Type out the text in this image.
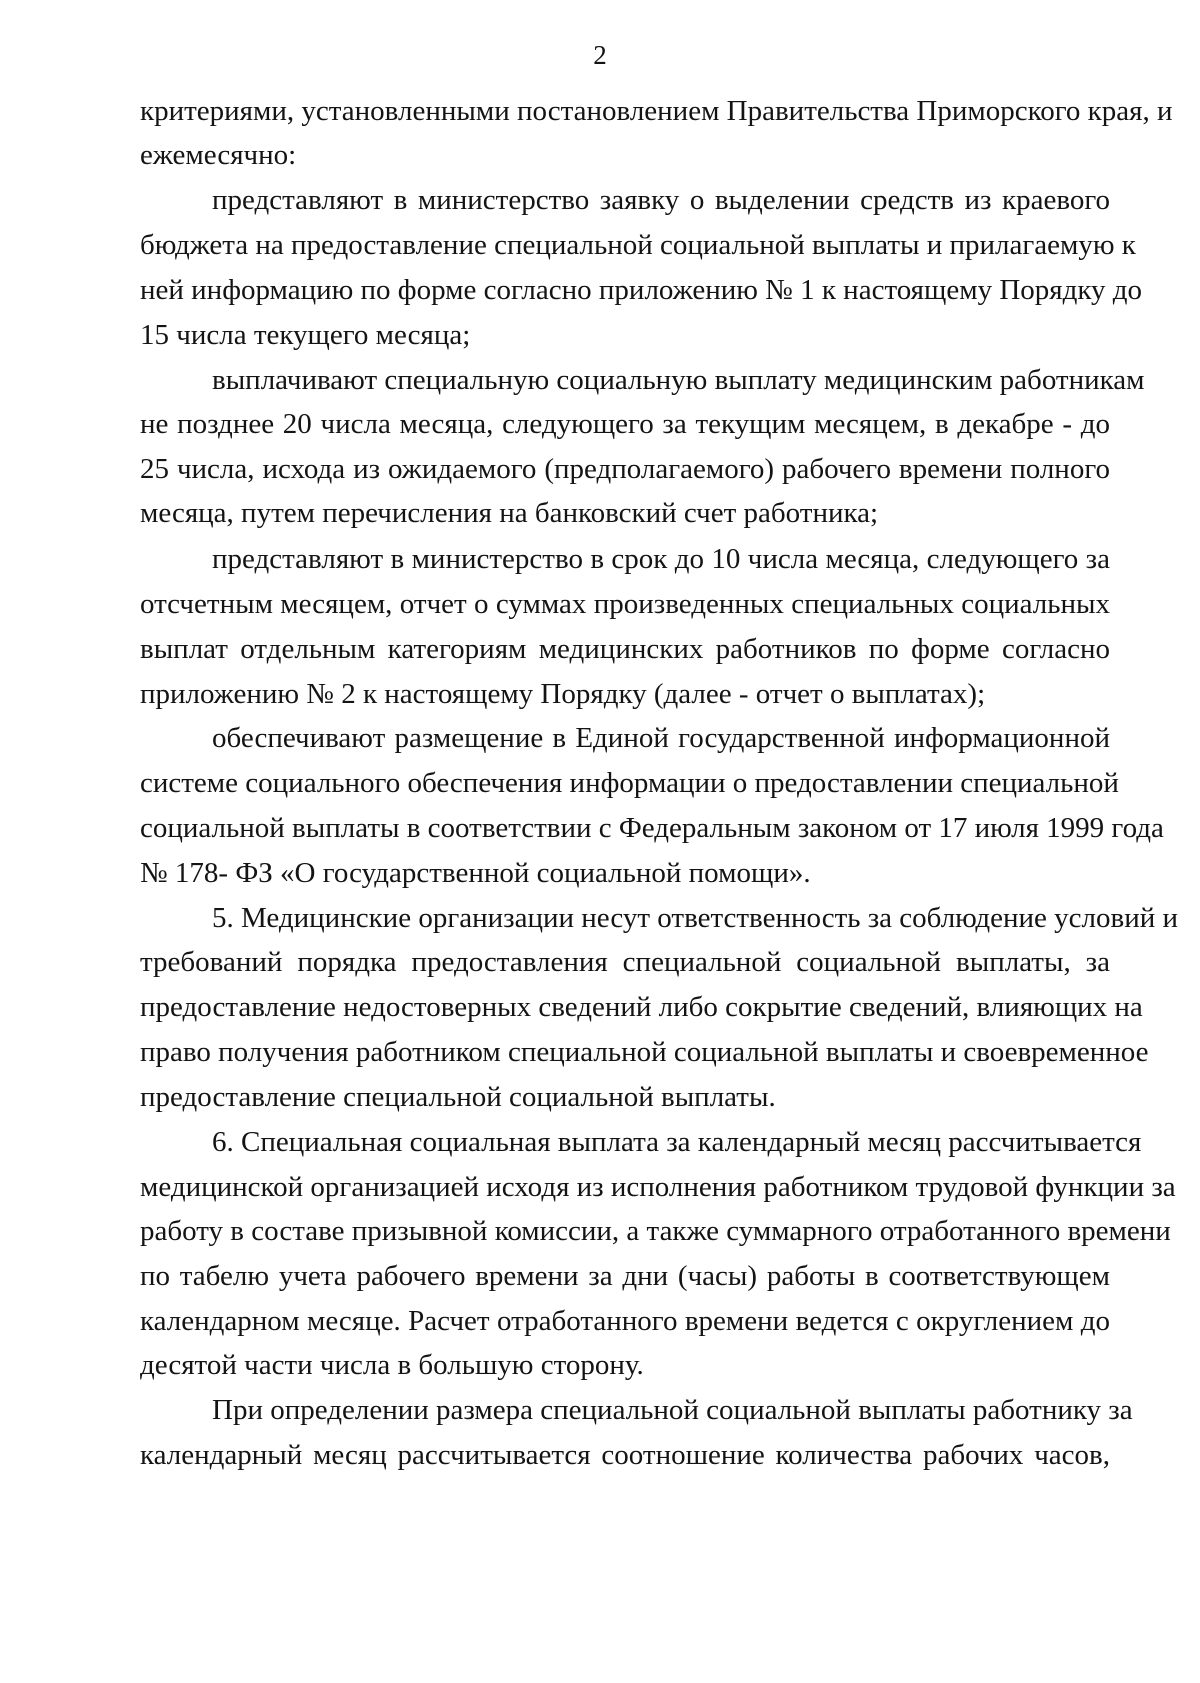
2
критериями, установленными постановлением Правительства Приморского края, и
ежемесячно:
представляют в министерство заявку о выделении средств из краевого
бюджета на предоставление специальной социальной выплаты и прилагаемую к
ней информацию по форме согласно приложению № 1 к настоящему Порядку до
15 числа текущего месяца;
выплачивают специальную социальную выплату медицинским работникам
не позднее 20 числа месяца, следующего за текущим месяцем, в декабре - до
25 числа, исхода из ожидаемого (предполагаемого) рабочего времени полного
месяца, путем перечисления на банковский счет работника;
представляют в министерство в срок до 10 числа месяца, следующего за
отсчетным месяцем, отчет о суммах произведенных специальных социальных
выплат отдельным категориям медицинских работников по форме согласно
приложению № 2 к настоящему Порядку (далее - отчет о выплатах);
обеспечивают размещение в Единой государственной информационной
системе социального обеспечения информации о предоставлении специальной
социальной выплаты в соответствии с Федеральным законом от 17 июля 1999 года
№ 178- ФЗ «О государственной социальной помощи».
5. Медицинские организации несут ответственность за соблюдение условий и
требований порядка предоставления специальной социальной выплаты, за
предоставление недостоверных сведений либо сокрытие сведений, влияющих на
право получения работником специальной социальной выплаты и своевременное
предоставление специальной социальной выплаты.
6. Специальная социальная выплата за календарный месяц рассчитывается
медицинской организацией исходя из исполнения работником трудовой функции за
работу в составе призывной комиссии, а также суммарного отработанного времени
по табелю учета рабочего времени за дни (часы) работы в соответствующем
календарном месяце. Расчет отработанного времени ведется с округлением до
десятой части числа в большую сторону.
При определении размера специальной социальной выплаты работнику за
календарный месяц рассчитывается соотношение количества рабочих часов,
